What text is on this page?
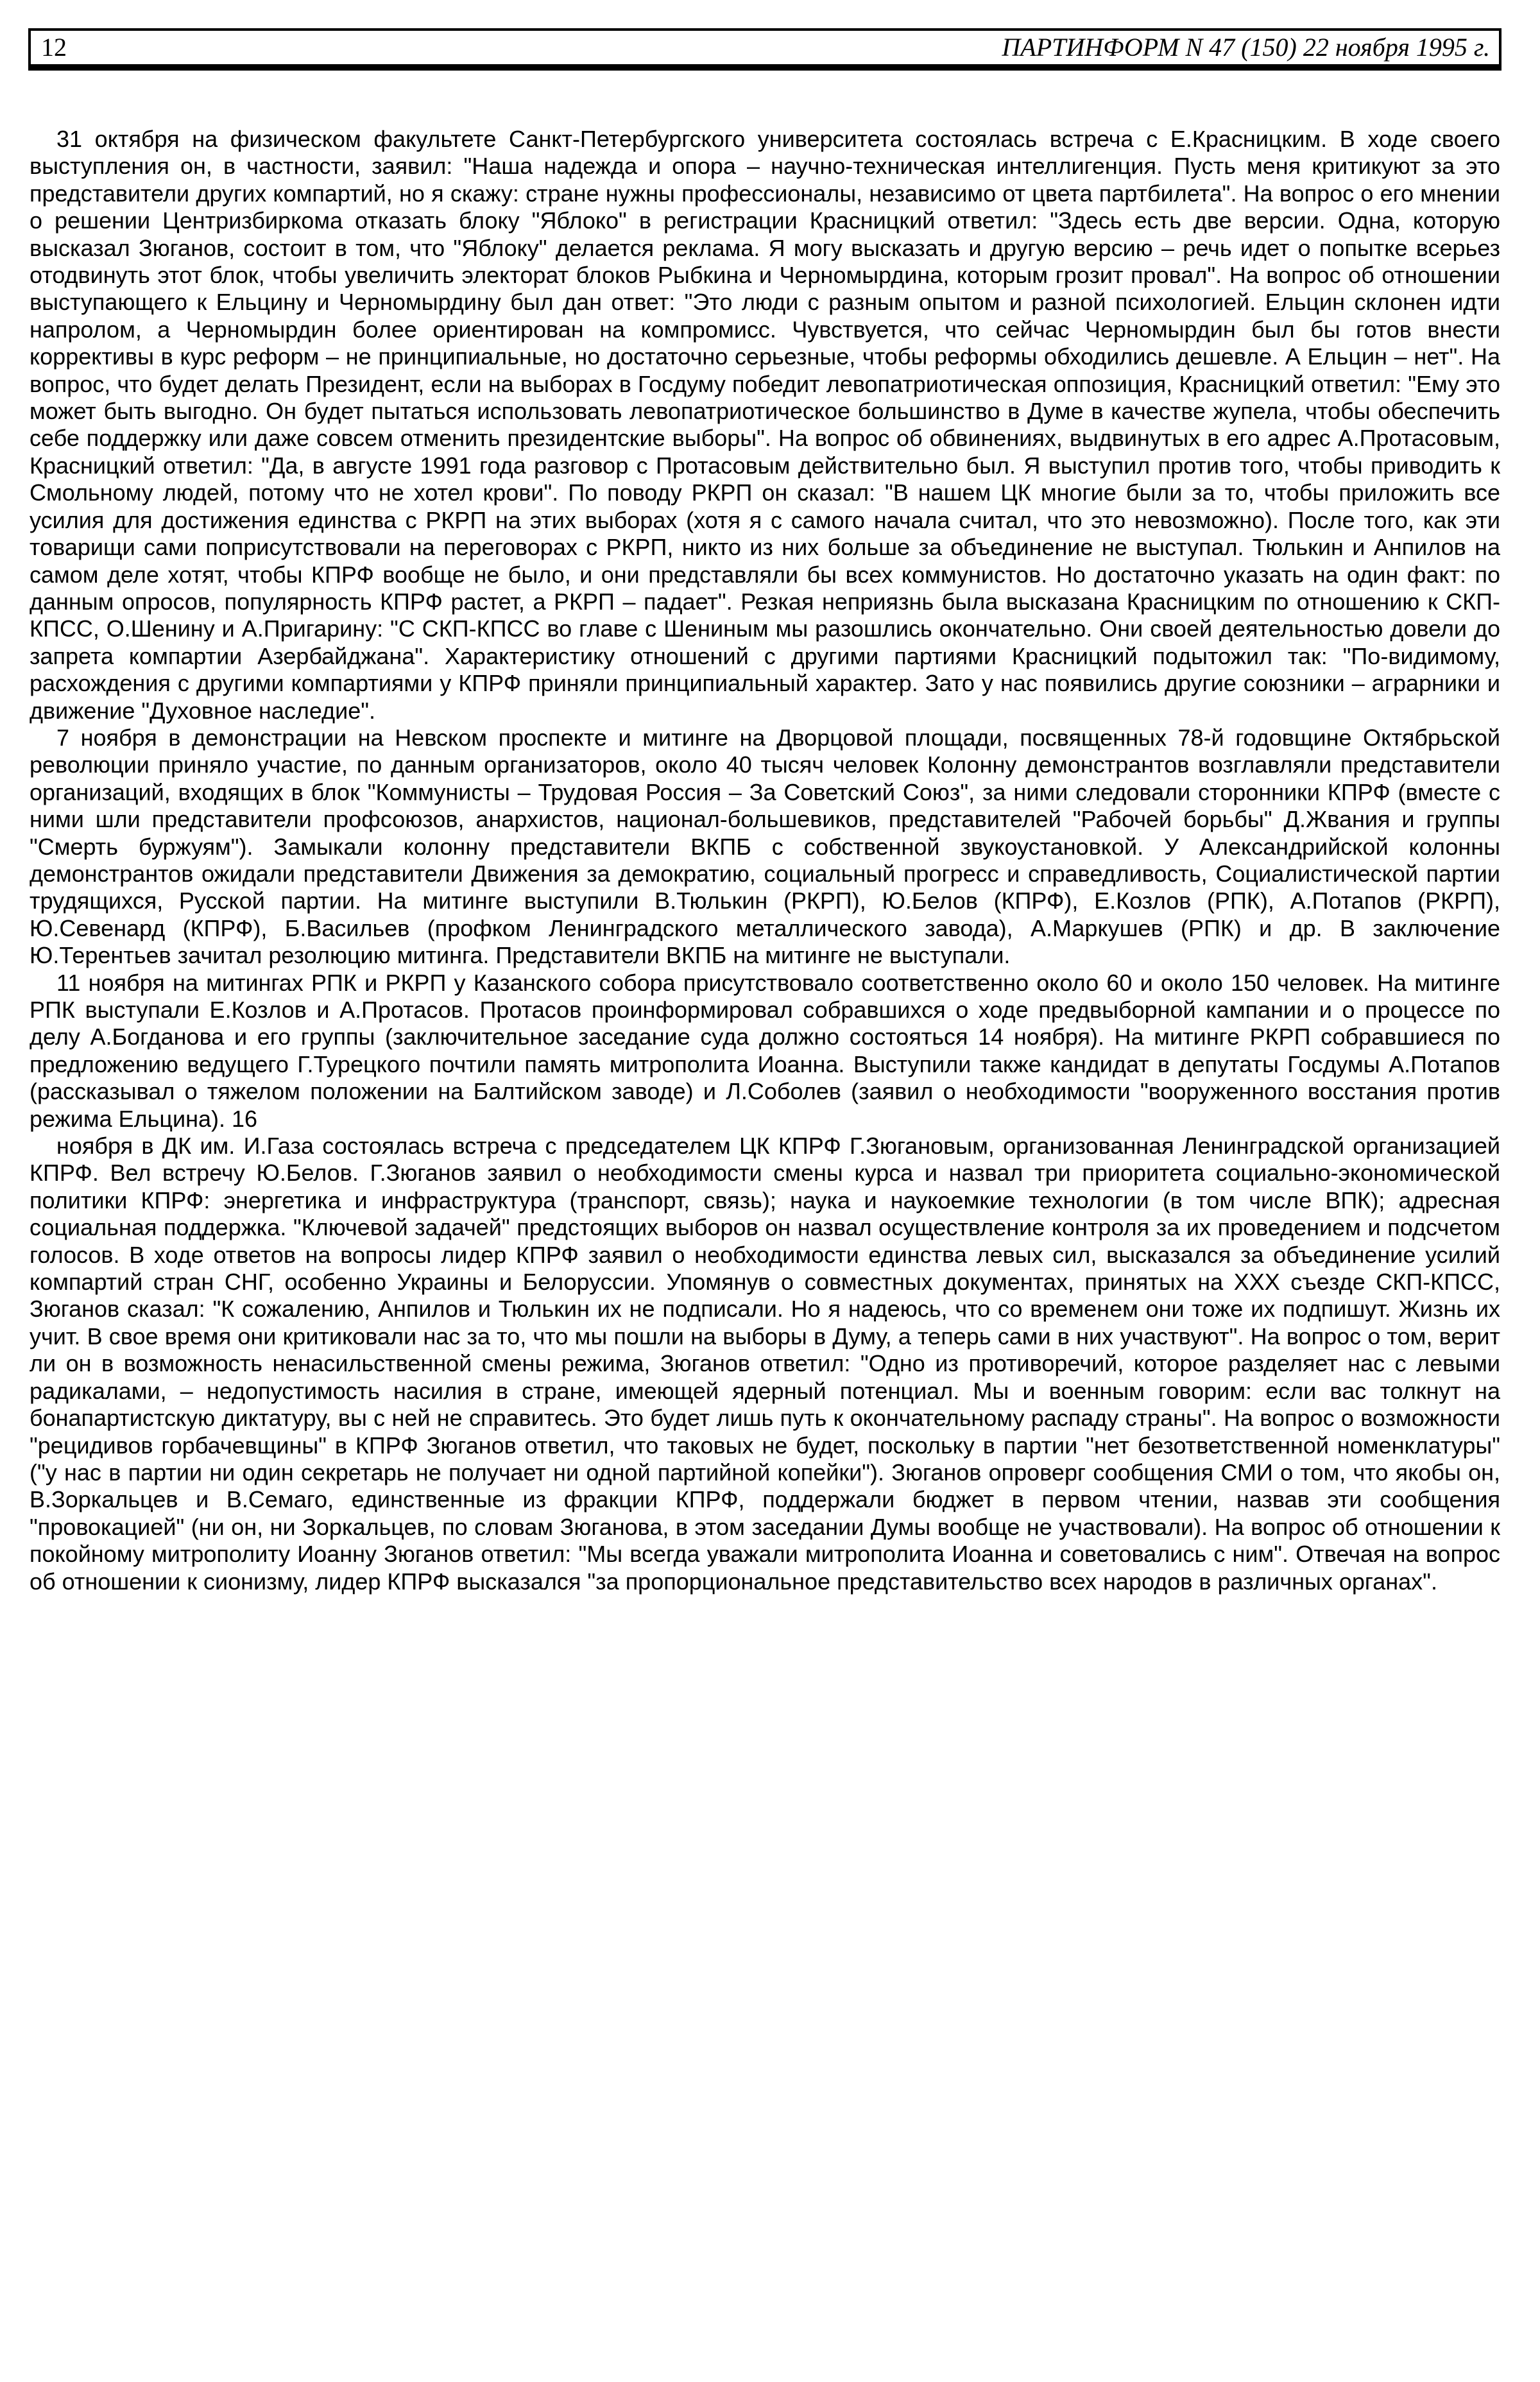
12	ПАРТИНФОРМ N 47 (150) 22 ноября 1995 г.

31 октября на физическом факультете Санкт-Петербургского университета состоялась встреча с Е.Красницким. В ходе своего выступления он, в частности, заявил: "Наша надежда и опора – научно-техническая интеллигенция. Пусть меня критикуют за это представители других компартий, но я скажу: стране нужны профессионалы, независимо от цвета партбилета". На вопрос о его мнении о решении Центризбиркома отказать блоку "Яблоко" в регистрации Красницкий ответил: "Здесь есть две версии. Одна, которую высказал Зюганов, состоит в том, что "Яблоку" делается реклама. Я могу высказать и другую версию – речь идет о попытке всерьез отодвинуть этот блок, чтобы увеличить электорат блоков Рыбкина и Черномырдина, которым грозит провал". На вопрос об отношении выступающего к Ельцину и Черномырдину был дан ответ: "Это люди с разным опытом и разной психологией. Ельцин склонен идти напролом, а Черномырдин более ориентирован на компромисс. Чувствуется, что сейчас Черномырдин был бы готов внести коррективы в курс реформ – не принципиальные, но достаточно серьезные, чтобы реформы обходились дешевле. А Ельцин – нет". На вопрос, что будет делать Президент, если на выборах в Госдуму победит левопатриотическая оппозиция, Красницкий ответил: "Ему это может быть выгодно. Он будет пытаться использовать левопатриотическое большинство в Думе в качестве жупела, чтобы обеспечить себе поддержку или даже совсем отменить президентские выборы". На вопрос об обвинениях, выдвинутых в его адрес А.Протасовым, Красницкий ответил: "Да, в августе 1991 года разговор с Протасовым действительно был. Я выступил против того, чтобы приводить к Смольному людей, потому что не хотел крови". По поводу РКРП он сказал: "В нашем ЦК многие были за то, чтобы приложить все усилия для достижения единства с РКРП на этих выборах (хотя я с самого начала считал, что это невозможно). После того, как эти товарищи сами поприсутствовали на переговорах с РКРП, никто из них больше за объединение не выступал. Тюлькин и Анпилов на самом деле хотят, чтобы КПРФ вообще не было, и они представляли бы всех коммунистов. Но достаточно указать на один факт: по данным опросов, популярность КПРФ растет, а РКРП – падает". Резкая неприязнь была высказана Красницким по отношению к СКП-КПСС, О.Шенину и А.Пригарину: "С СКП-КПСС во главе с Шениным мы разошлись окончательно. Они своей деятельностью довели до запрета компартии Азербайджана". Характеристику отношений с другими партиями Красницкий подытожил так: "По-видимому, расхождения с другими компартиями у КПРФ приняли принципиальный характер. Зато у нас появились другие союзники – аграрники и движение "Духовное наследие".

7 ноября в демонстрации на Невском проспекте и митинге на Дворцовой площади, посвященных 78-й годовщине Октябрьской революции приняло участие, по данным организаторов, около 40 тысяч человек Колонну демонстрантов возглавляли представители организаций, входящих в блок "Коммунисты – Трудовая Россия – За Советский Союз", за ними следовали сторонники КПРФ (вместе с ними шли представители профсоюзов, анархистов, национал-большевиков, представителей "Рабочей борьбы" Д.Жвания и группы "Смерть буржуям"). Замыкали колонну представители ВКПБ с собственной звукоустановкой. У Александрийской колонны демонстрантов ожидали представители Движения за демократию, социальный прогресс и справедливость, Социалистической партии трудящихся, Русской партии. На митинге выступили В.Тюлькин (РКРП), Ю.Белов (КПРФ), Е.Козлов (РПК), А.Потапов (РКРП), Ю.Севенард (КПРФ), Б.Васильев (профком Ленинградского металлического завода), А.Маркушев (РПК) и др. В заключение Ю.Терентьев зачитал резолюцию митинга. Представители ВКПБ на митинге не выступали.

11 ноября на митингах РПК и РКРП у Казанского собора присутствовало соответственно около 60 и около 150 человек. На митинге РПК выступали Е.Козлов и А.Протасов. Протасов проинформировал собравшихся о ходе предвыборной кампании и о процессе по делу А.Богданова и его группы (заключительное заседание суда должно состояться 14 ноября). На митинге РКРП собравшиеся по предложению ведущего Г.Турецкого почтили память митрополита Иоанна. Выступили также кандидат в депутаты Госдумы А.Потапов (рассказывал о тяжелом положении на Балтийском заводе) и Л.Соболев (заявил о необходимости "вооруженного восстания против режима Ельцина). 16

ноября в ДК им. И.Газа состоялась встреча с председателем ЦК КПРФ Г.Зюгановым, организованная Ленинградской организацией КПРФ. Вел встречу Ю.Белов. Г.Зюганов заявил о необходимости смены курса и назвал три приоритета социально-экономической политики КПРФ: энергетика и инфраструктура (транспорт, связь); наука и наукоемкие технологии (в том числе ВПК); адресная социальная поддержка. "Ключевой задачей" предстоящих выборов он назвал осуществление контроля за их проведением и подсчетом голосов. В ходе ответов на вопросы лидер КПРФ заявил о необходимости единства левых сил, высказался за объединение усилий компартий стран СНГ, особенно Украины и Белоруссии. Упомянув о совместных документах, принятых на XXX съезде СКП-КПСС, Зюганов сказал: "К сожалению, Анпилов и Тюлькин их не подписали. Но я надеюсь, что со временем они тоже их подпишут. Жизнь их учит. В свое время они критиковали нас за то, что мы пошли на выборы в Думу, а теперь сами в них участвуют". На вопрос о том, верит ли он в возможность ненасильственной смены режима, Зюганов ответил: "Одно из противоречий, которое разделяет нас с левыми радикалами, – недопустимость насилия в стране, имеющей ядерный потенциал. Мы и военным говорим: если вас толкнут на бонапартистскую диктатуру, вы с ней не справитесь. Это будет лишь путь к окончательному распаду страны". На вопрос о возможности "рецидивов горбачевщины" в КПРФ Зюганов ответил, что таковых не будет, поскольку в партии "нет безответственной номенклатуры" ("у нас в партии ни один секретарь не получает ни одной партийной копейки"). Зюганов опроверг сообщения СМИ о том, что якобы он, В.Зоркальцев и В.Семаго, единственные из фракции КПРФ, поддержали бюджет в первом чтении, назвав эти сообщения "провокацией" (ни он, ни Зоркальцев, по словам Зюганова, в этом заседании Думы вообще не участвовали). На вопрос об отношении к покойному митрополиту Иоанну Зюганов ответил: "Мы всегда уважали митрополита Иоанна и советовались с ним". Отвечая на вопрос об отношении к сионизму, лидер КПРФ высказался "за пропорциональное представительство всех народов в различных органах".
